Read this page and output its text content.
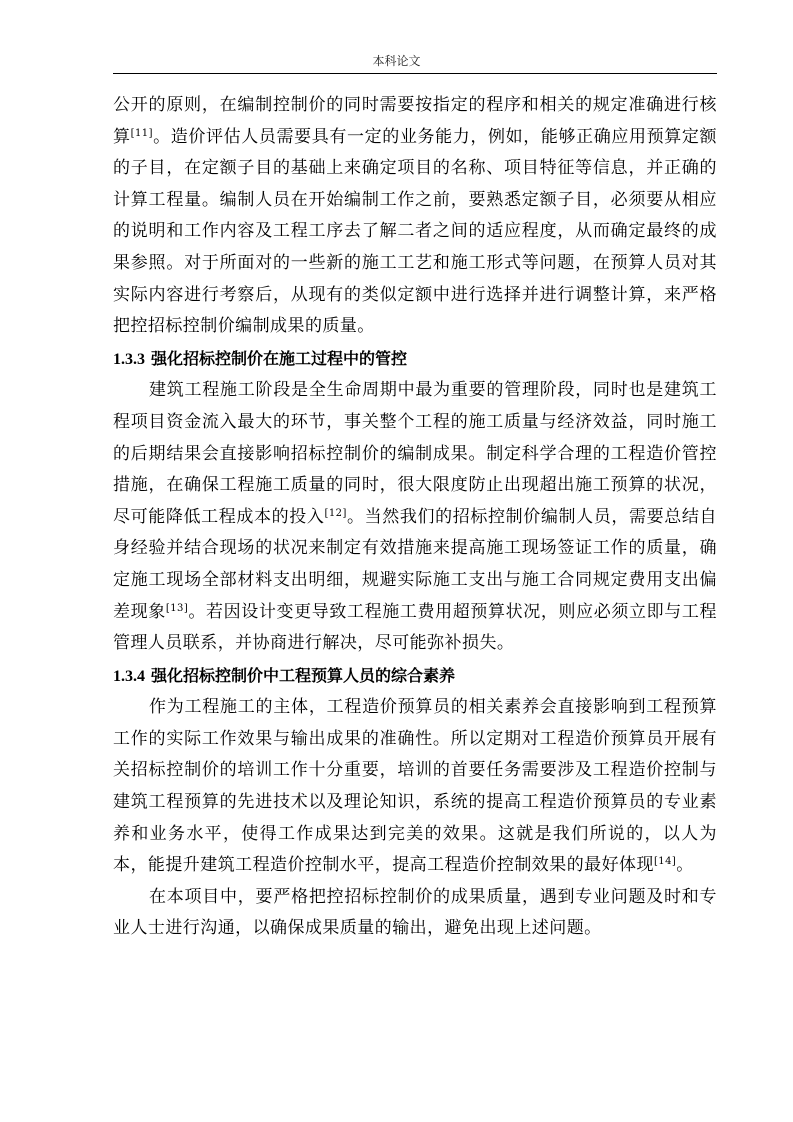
本科论文

公开的原则，在编制控制价的同时需要按指定的程序和相关的规定准确进行核算[11]。造价评估人员需要具有一定的业务能力，例如，能够正确应用预算定额的子目，在定额子目的基础上来确定项目的名称、项目特征等信息，并正确的计算工程量。编制人员在开始编制工作之前，要熟悉定额子目，必须要从相应的说明和工作内容及工程工序去了解二者之间的适应程度，从而确定最终的成果参照。对于所面对的一些新的施工工艺和施工形式等问题，在预算人员对其实际内容进行考察后，从现有的类似定额中进行选择并进行调整计算，来严格把控招标控制价编制成果的质量。

1.3.3 强化招标控制价在施工过程中的管控

建筑工程施工阶段是全生命周期中最为重要的管理阶段，同时也是建筑工程项目资金流入最大的环节，事关整个工程的施工质量与经济效益，同时施工的后期结果会直接影响招标控制价的编制成果。制定科学合理的工程造价管控措施，在确保工程施工质量的同时，很大限度防止出现超出施工预算的状况，尽可能降低工程成本的投入[12]。当然我们的招标控制价编制人员，需要总结自身经验并结合现场的状况来制定有效措施来提高施工现场签证工作的质量，确定施工现场全部材料支出明细，规避实际施工支出与施工合同规定费用支出偏差现象[13]。若因设计变更导致工程施工费用超预算状况，则应必须立即与工程管理人员联系，并协商进行解决，尽可能弥补损失。

1.3.4 强化招标控制价中工程预算人员的综合素养

作为工程施工的主体，工程造价预算员的相关素养会直接影响到工程预算工作的实际工作效果与输出成果的准确性。所以定期对工程造价预算员开展有关招标控制价的培训工作十分重要，培训的首要任务需要涉及工程造价控制与建筑工程预算的先进技术以及理论知识，系统的提高工程造价预算员的专业素养和业务水平，使得工作成果达到完美的效果。这就是我们所说的，以人为本，能提升建筑工程造价控制水平，提高工程造价控制效果的最好体现[14]。

在本项目中，要严格把控招标控制价的成果质量，遇到专业问题及时和专业人士进行沟通，以确保成果质量的输出，避免出现上述问题。
